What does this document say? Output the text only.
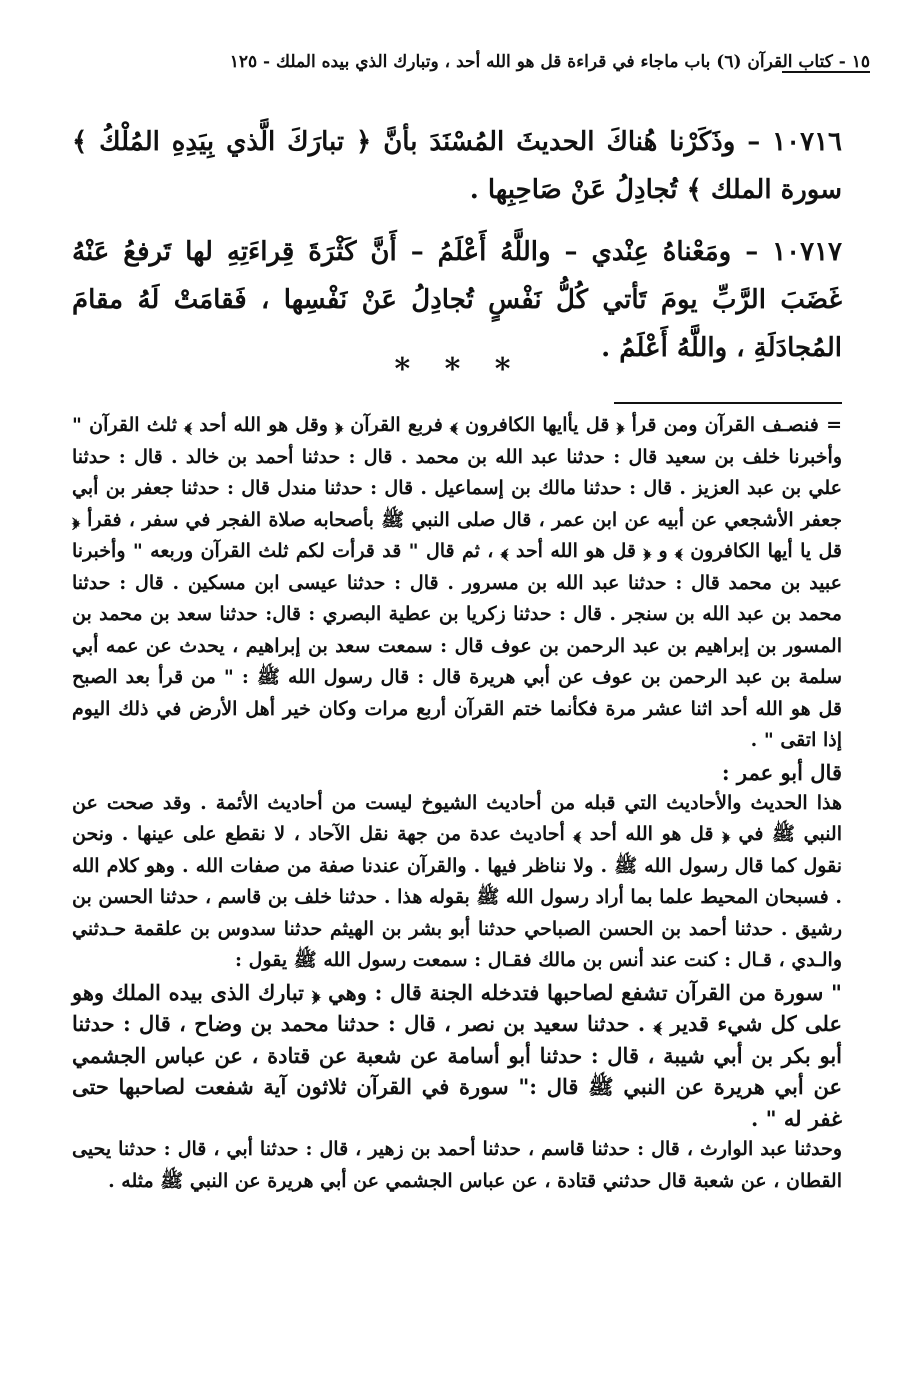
١٥ - كتاب القرآن (٦) باب ماجاء في قراءة قل هو الله أحد ، وتبارك الذي بيده الملك - ١٢٥
١٠٧١٦ – وذَكَرْنا هُناكَ الحديثَ المُسْنَدَ بأنَّ ﴿ تبارَكَ الَّذي بِيَدِهِ المُلْكُ ﴾ سورة الملك ﴾ تُجادِلُ عَنْ صَاحِبِها .
١٠٧١٧ – ومَعْناهُ عِنْدي – واللَّهُ أَعْلَمُ – أَنَّ كَثْرَةَ قِراءَتِهِ لها تَرفعُ عَنْهُ غَضَبَ الرَّبِّ يومَ تَأتي كُلُّ نَفْسٍ تُجادِلُ عَنْ نَفْسِها ، فَقامَتْ لَهُ مقامَ المُجادَلَةِ ، واللَّهُ أَعْلَمُ .
* * *

= فنصـف القرآن ومن قرأ ﴿ قل يأايها الكافرون ﴾ فربع القرآن ﴿ وقل هو الله أحد ﴾ ثلث القرآن " وأخبرنا خلف بن سعيد قال : حدثنا عبد الله بن محمد . قال : حدثنا أحمد بن خالد . قال : حدثنا علي بن عبد العزيز . قال : حدثنا مالك بن إسماعيل . قال : حدثنا مندل قال : حدثنا جعفر بن أبي جعفر الأشجعي عن أبيه عن ابن عمر ، قال صلى النبي ﷺ بأصحابه صلاة الفجر في سفر ، فقرأ ﴿ قل يا أيها الكافرون ﴾ و ﴿ قل هو الله أحد ﴾ ، ثم قال " قد قرأت لكم ثلث القرآن وربعه " وأخبرنا عبيد بن محمد قال : حدثنا عبد الله بن مسرور . قال : حدثنا عيسى ابن مسكين . قال : حدثنا محمد بن عبد الله بن سنجر . قال : حدثنا زكريا بن عطية البصري : قال: حدثنا سعد بن محمد بن المسور بن إبراهيم بن عبد الرحمن بن عوف قال : سمعت سعد بن إبراهيم ، يحدث عن عمه أبي سلمة بن عبد الرحمن بن عوف عن أبي هريرة قال : قال رسول الله ﷺ : " من قرأ بعد الصبح قل هو الله أحد اثنا عشر مرة فكأنما ختم القرآن أربع مرات وكان خير أهل الأرض في ذلك اليوم إذا اتقى " .

قال أبو عمر :

هذا الحديث والأحاديث التي قبله من أحاديث الشيوخ ليست من أحاديث الأئمة . وقد صحت عن النبي ﷺ في ﴿ قل هو الله أحد ﴾ أحاديث عدة من جهة نقل الآحاد ، لا نقطع على عينها . ونحن نقول كما قال رسول الله ﷺ . ولا نناظر فيها . والقرآن عندنا صفة من صفات الله . وهو كلام الله . فسبحان المحيط علما بما أراد رسول الله ﷺ بقوله هذا . حدثنا خلف بن قاسم ، حدثنا الحسن بن رشيق . حدثنا أحمد بن الحسن الصباحي حدثنا أبو بشر بن الهيثم حدثنا سدوس بن علقمة حـدثني والـدي ، قـال : كنت عند أنس بن مالك فقـال : سمعت رسول الله ﷺ يقول :

" سورة من القرآن تشفع لصاحبها فتدخله الجنة قال : وهي ﴿ تبارك الذى بيده الملك وهو على كل شيء قدير ﴾ . حدثنا سعيد بن نصر ، قال : حدثنا محمد بن وضاح ، قال : حدثنا أبو بكر بن أبي شيبة ، قال : حدثنا أبو أسامة عن شعبة عن قتادة ، عن عباس الجشمي عن أبي هريرة عن النبي ﷺ قال :" سورة في القرآن ثلاثون آية شفعت لصاحبها حتى غفر له " .

وحدثنا عبد الوارث ، قال : حدثنا قاسم ، حدثنا أحمد بن زهير ، قال : حدثنا أبي ، قال : حدثنا يحيى القطان ، عن شعبة قال حدثني قتادة ، عن عباس الجشمي عن أبي هريرة عن النبي ﷺ مثله .
